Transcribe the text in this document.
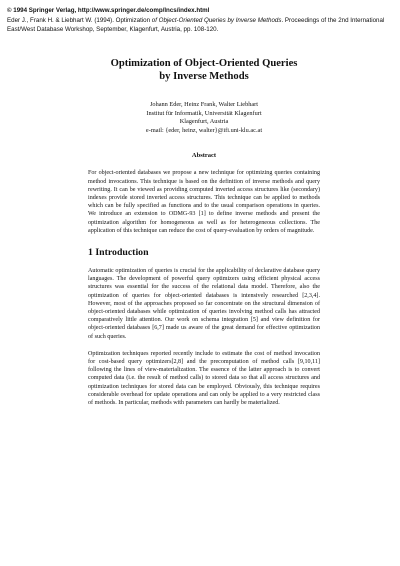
© 1994 Springer Verlag, http://www.springer.de/comp/lncs/index.html
Eder J., Frank H. & Liebhart W. (1994). Optimization of Object-Oriented Queries by Inverse Methods. Proceedings of the 2nd International East/West Database Workshop, September, Klagenfurt, Austria, pp. 108-120.
Optimization of Object-Oriented Queries
by Inverse Methods
Johann Eder, Heinz Frank, Walter Liebhart
Institut für Informatik, Universität Klagenfurt
Klagenfurt, Austria
e-mail: {eder, heinz, walter}@ifi.uni-klu.ac.at
Abstract
For object-oriented databases we propose a new technique for optimizing queries containing method invocations. This technique is based on the definition of inverse methods and query rewriting. It can be viewed as providing computed inverted access structures like (secondary) indexes provide stored inverted access structures. This technique can be applied to methods which can be fully specified as functions and to the usual comparison operations in queries. We introduce an extension to ODMG-93 [1] to define inverse methods and present the optimization algorithm for homogeneous as well as for heterogeneous collections. The application of this technique can reduce the cost of query-evaluation by orders of magnitude.
1 Introduction
Automatic optimization of queries is crucial for the applicability of declarative database query languages. The development of powerful query optimizers using efficient physical access structures was essential for the success of the relational data model. Therefore, also the optimization of queries for object-oriented databases is intensively researched [2,3,4]. However, most of the approaches proposed so far concentrate on the structural dimension of object-oriented databases while optimization of queries involving method calls has attracted comparatively little attention. Our work on schema integration [5] and view definition for object-oriented databases [6,7] made us aware of the great demand for effective optimization of such queries.
Optimization techniques reported recently include to estimate the cost of method invocation for cost-based query optimizers[2,8] and the precomputation of method calls [9,10,11] following the lines of view-materialization. The essence of the latter approach is to convert computed data (i.e. the result of method calls) to stored data so that all access structures and optimization techniques for stored data can be employed. Obviously, this technique requires considerable overhead for update operations and can only be applied to a very restricted class of methods. In particular, methods with parameters can hardly be materialized.
